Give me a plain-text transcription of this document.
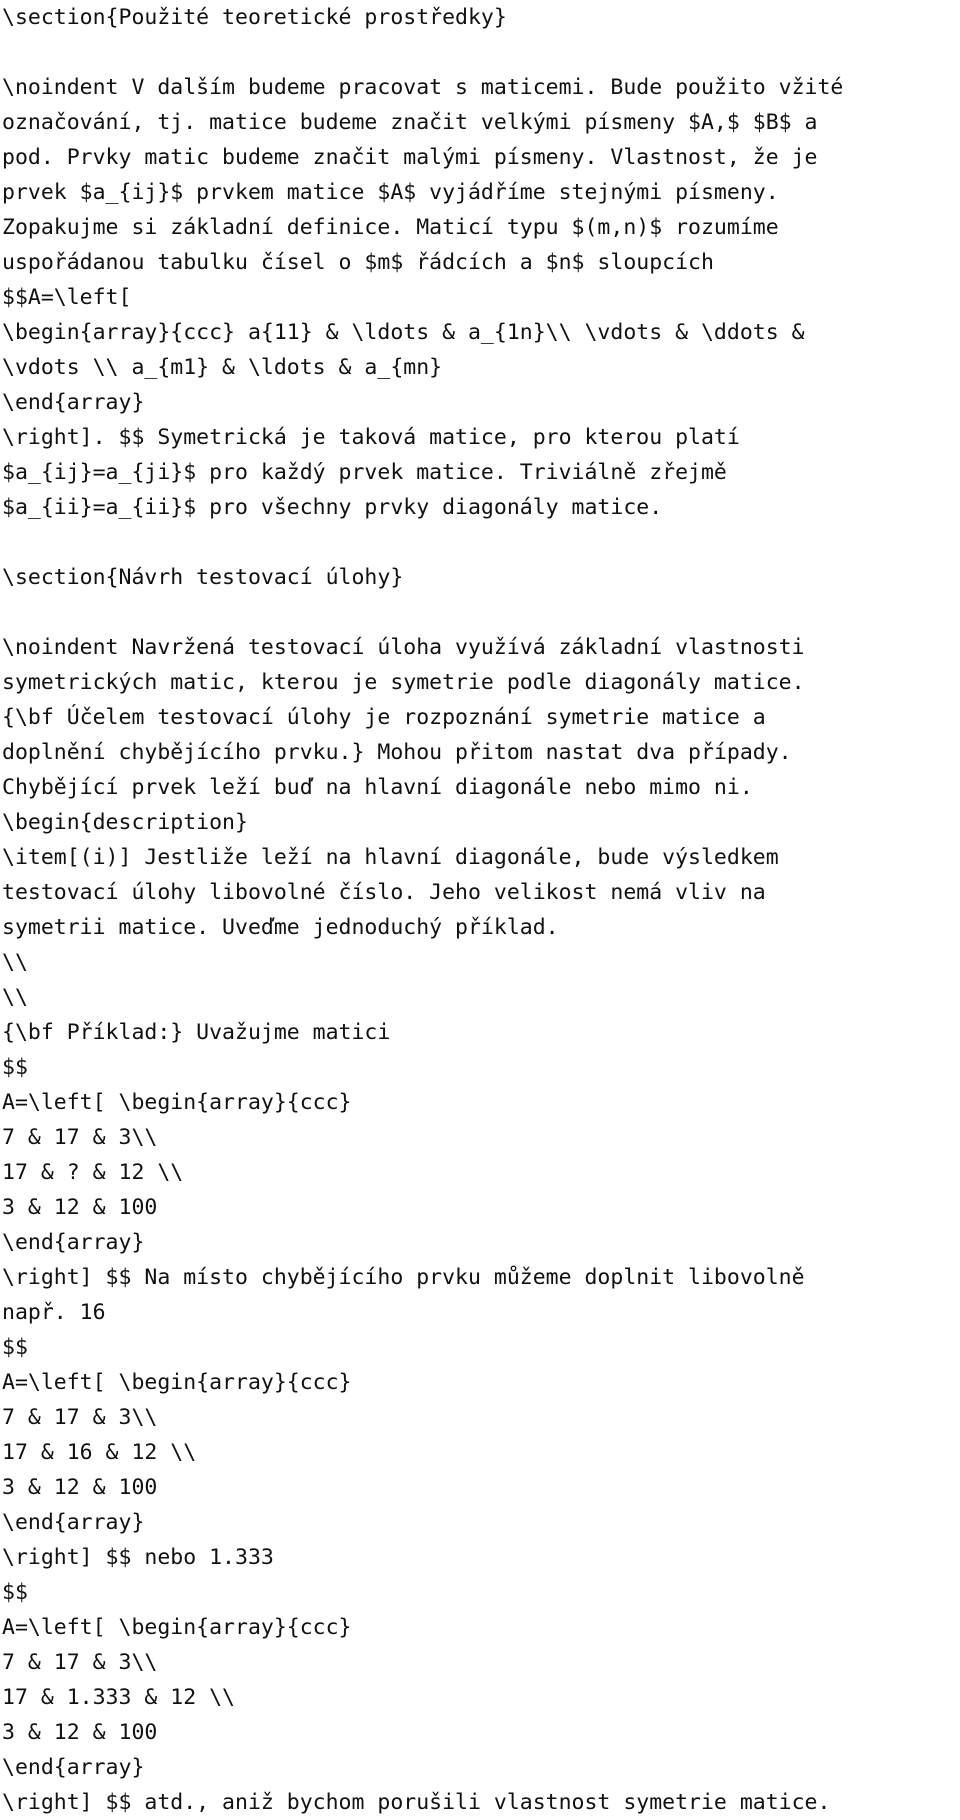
\section{Použité teoretické prostředky}
\noindent V dalším budeme pracovat s maticemi. Bude použito vžité
označování, tj. matice budeme značit velkými písmeny $A,$ $B$ a
pod. Prvky matic budeme značit malými písmeny. Vlastnost, že je
prvek $a_{ij}$ prvkem matice $A$ vyjádříme stejnými písmeny.
Zopakujme si základní definice. Maticí typu $(m,n)$ rozumíme
uspořádanou tabulku čísel o $m$ řádcích a $n$ sloupcích
$$A=\left[
\begin{array}{ccc} a{11} & \ldots & a_{1n}\\ \vdots & \ddots &
\vdots \\ a_{m1} & \ldots & a_{mn}
\end{array}
\right]. $$ Symetrická je taková matice, pro kterou platí
$a_{ij}=a_{ji}$ pro každý prvek matice. Triviálně zřejmě
$a_{ii}=a_{ii}$ pro všechny prvky diagonály matice.
\section{Návrh testovací úlohy}
\noindent Navržená testovací úloha využívá základní vlastnosti
symetrických matic, kterou je symetrie podle diagonály matice.
{\bf Účelem testovací úlohy je rozpoznání symetrie matice a
doplnění chybějícího prvku.} Mohou přitom nastat dva případy.
Chybějící prvek leží buď na hlavní diagonále nebo mimo ni.
\begin{description}
\item[(i)] Jestliže leží na hlavní diagonále, bude výsledkem
testovací úlohy libovolné číslo. Jeho velikost nemá vliv na
symetrii matice. Uveďme jednoduchý příklad.
\\
\\
{\bf Příklad:} Uvažujme matici
$$
A=\left[ \begin{array}{ccc}
7 & 17 & 3\\
17 & ? & 12 \\
3 & 12 & 100
\end{array}
\right] $$ Na místo chybějícího prvku můžeme doplnit libovolně
např. 16
$$
A=\left[ \begin{array}{ccc}
7 & 17 & 3\\
17 & 16 & 12 \\
3 & 12 & 100
\end{array}
\right] $$ nebo 1.333
$$
A=\left[ \begin{array}{ccc}
7 & 17 & 3\\
17 & 1.333 & 12 \\
3 & 12 & 100
\end{array}
\right] $$ atd., aniž bychom porušili vlastnost symetrie matice.
